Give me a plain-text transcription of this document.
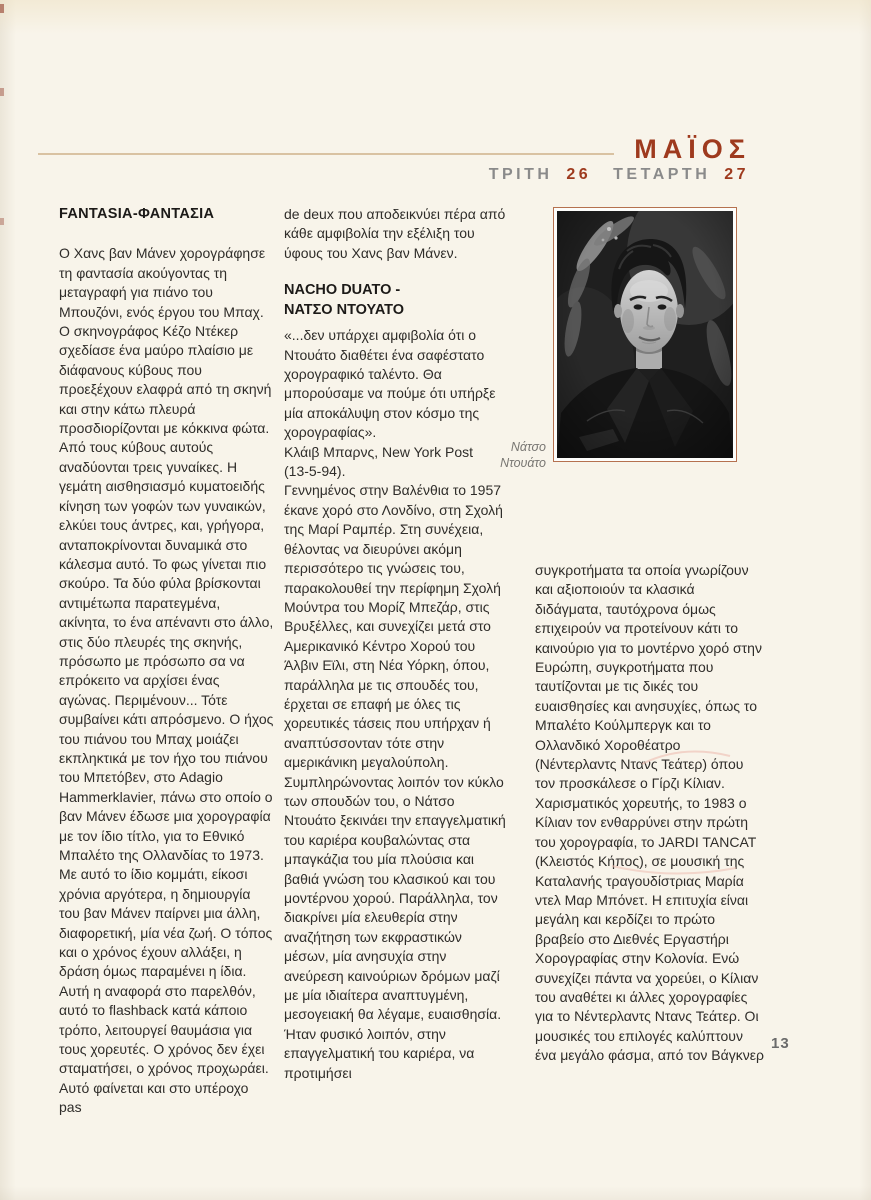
ΜΑΪΟΣ
ΤΡΙΤΗ 26 ΤΕΤΑΡΤΗ 27
FANTASIA-ΦΑΝΤΑΣΙΑ

Ο Χανς βαν Μάνεν χορογράφησε τη φαντασία ακούγοντας τη μεταγραφή για πιάνο του Μπουζόνι, ενός έργου του Μπαχ. Ο σκηνογράφος Κέζο Ντέκερ σχεδίασε ένα μαύρο πλαίσιο με διάφανους κύβους που προεξέχουν ελαφρά από τη σκηνή και στην κάτω πλευρά προσδιορίζονται με κόκκινα φώτα. Από τους κύβους αυτούς αναδύονται τρεις γυναίκες. Η γεμάτη αισθησιασμό κυματοειδής κίνηση των γοφών των γυναικών, ελκύει τους άντρες, και, γρήγορα, ανταποκρίνονται δυναμικά στο κάλεσμα αυτό. Το φως γίνεται πιο σκούρο. Τα δύο φύλα βρίσκονται αντιμέτωπα παρατεγμένα, ακίνητα, το ένα απέναντι στο άλλο, στις δύο πλευρές της σκηνής, πρόσωπο με πρόσωπο σα να επρόκειτο να αρχίσει ένας αγώνας. Περιμένουν... Τότε συμβαίνει κάτι απρόσμενο. Ο ήχος του πιάνου του Μπαχ μοιάζει εκπληκτικά με τον ήχο του πιάνου του Μπετόβεν, στο Adagio Hammerklavier, πάνω στο οποίο ο βαν Μάνεν έδωσε μια χορογραφία με τον ίδιο τίτλο, για το Εθνικό Μπαλέτο της Ολλανδίας το 1973. Με αυτό το ίδιο κομμάτι, είκοσι χρόνια αργότερα, η δημιουργία του βαν Μάνεν παίρνει μια άλλη, διαφορετική, μία νέα ζωή. Ο τόπος και ο χρόνος έχουν αλλάξει, η δράση όμως παραμένει η ίδια. Αυτή η αναφορά στο παρελθόν, αυτό το flashback κατά κάποιο τρόπο, λειτουργεί θαυμάσια για τους χορευτές. Ο χρόνος δεν έχει σταματήσει, ο χρόνος προχωράει. Αυτό φαίνεται και στο υπέροχο pas

de deux που αποδεικνύει πέρα από κάθε αμφιβολία την εξέλιξη του ύφους του Χανς βαν Μάνεν.

NACHO DUATO -
ΝΑΤΣΟ ΝΤΟΥΑΤΟ

«...δεν υπάρχει αμφιβολία ότι ο Ντουάτο διαθέτει ένα σαφέστατο χορογραφικό ταλέντο. Θα μπορούσαμε να πούμε ότι υπήρξε μία αποκάλυψη στον κόσμο της χορογραφίας».

Κλάιβ Μπαρνς, New York Post

(13-5-94).

Γεννημένος στην Βαλένθια το 1957 έκανε χορό στο Λονδίνο, στη Σχολή της Μαρί Ραμπέρ. Στη συνέχεια, θέλοντας να διευρύνει ακόμη περισσότερο τις γνώσεις του, παρακολουθεί την περίφημη Σχολή Μούντρα του Μορίζ Μπεζάρ, στις Βρυξέλλες, και συνεχίζει μετά στο Αμερικανικό Κέντρο Χορού του Άλβιν Εϊλι, στη Νέα Υόρκη, όπου, παράλληλα με τις σπουδές του, έρχεται σε επαφή με όλες τις χορευτικές τάσεις που υπήρχαν ή αναπτύσσονταν τότε στην αμερικάνικη μεγαλούπολη. Συμπληρώνοντας λοιπόν τον κύκλο των σπουδών του, ο Νάτσο Ντουάτο ξεκινάει την επαγγελματική του καριέρα κουβαλώντας στα μπαγκάζια του μία πλούσια και βαθιά γνώση του κλασικού και του μοντέρνου χορού. Παράλληλα, τον διακρίνει μία ελευθερία στην αναζήτηση των εκφραστικών μέσων, μία ανησυχία στην ανεύρεση καινούριων δρόμων μαζί με μία ιδιαίτερα αναπτυγμένη, μεσογειακή θα λέγαμε, ευαισθησία. Ήταν φυσικό λοιπόν, στην επαγγελματική του καριέρα, να προτιμήσει

συγκροτήματα τα οποία γνωρίζουν και αξιοποιούν τα κλασικά διδάγματα, ταυτόχρονα όμως επιχειρούν να προτείνουν κάτι το καινούριο για το μοντέρνο χορό στην Ευρώπη, συγκροτήματα που ταυτίζονται με τις δικές του ευαισθησίες και ανησυχίες, όπως το Μπαλέτο Κούλμπεργκ και το Ολλανδικό Χοροθέατρο (Νέντερλαντς Ντανς Τεάτερ) όπου τον προσκάλεσε ο Γίρζι Κίλιαν. Χαρισματικός χορευτής, το 1983 ο Κίλιαν τον ενθαρρύνει στην πρώτη του χορογραφία, το JARDI TANCAT (Κλειστός Κήπος), σε μουσική της Καταλανής τραγουδίστριας Μαρία ντελ Μαρ Μπόνετ. Η επιτυχία είναι μεγάλη και κερδίζει το πρώτο βραβείο στο Διεθνές Εργαστήρι Χορογραφίας στην Κολονία. Ενώ συνεχίζει πάντα να χορεύει, ο Κίλιαν του αναθέτει κι άλλες χορογραφίες για το Νέντερλαντς Ντανς Τεάτερ. Οι μουσικές του επιλογές καλύπτουν ένα μεγάλο φάσμα, από τον Βάγκνερ

Νάτσο
Ντουάτο
13
